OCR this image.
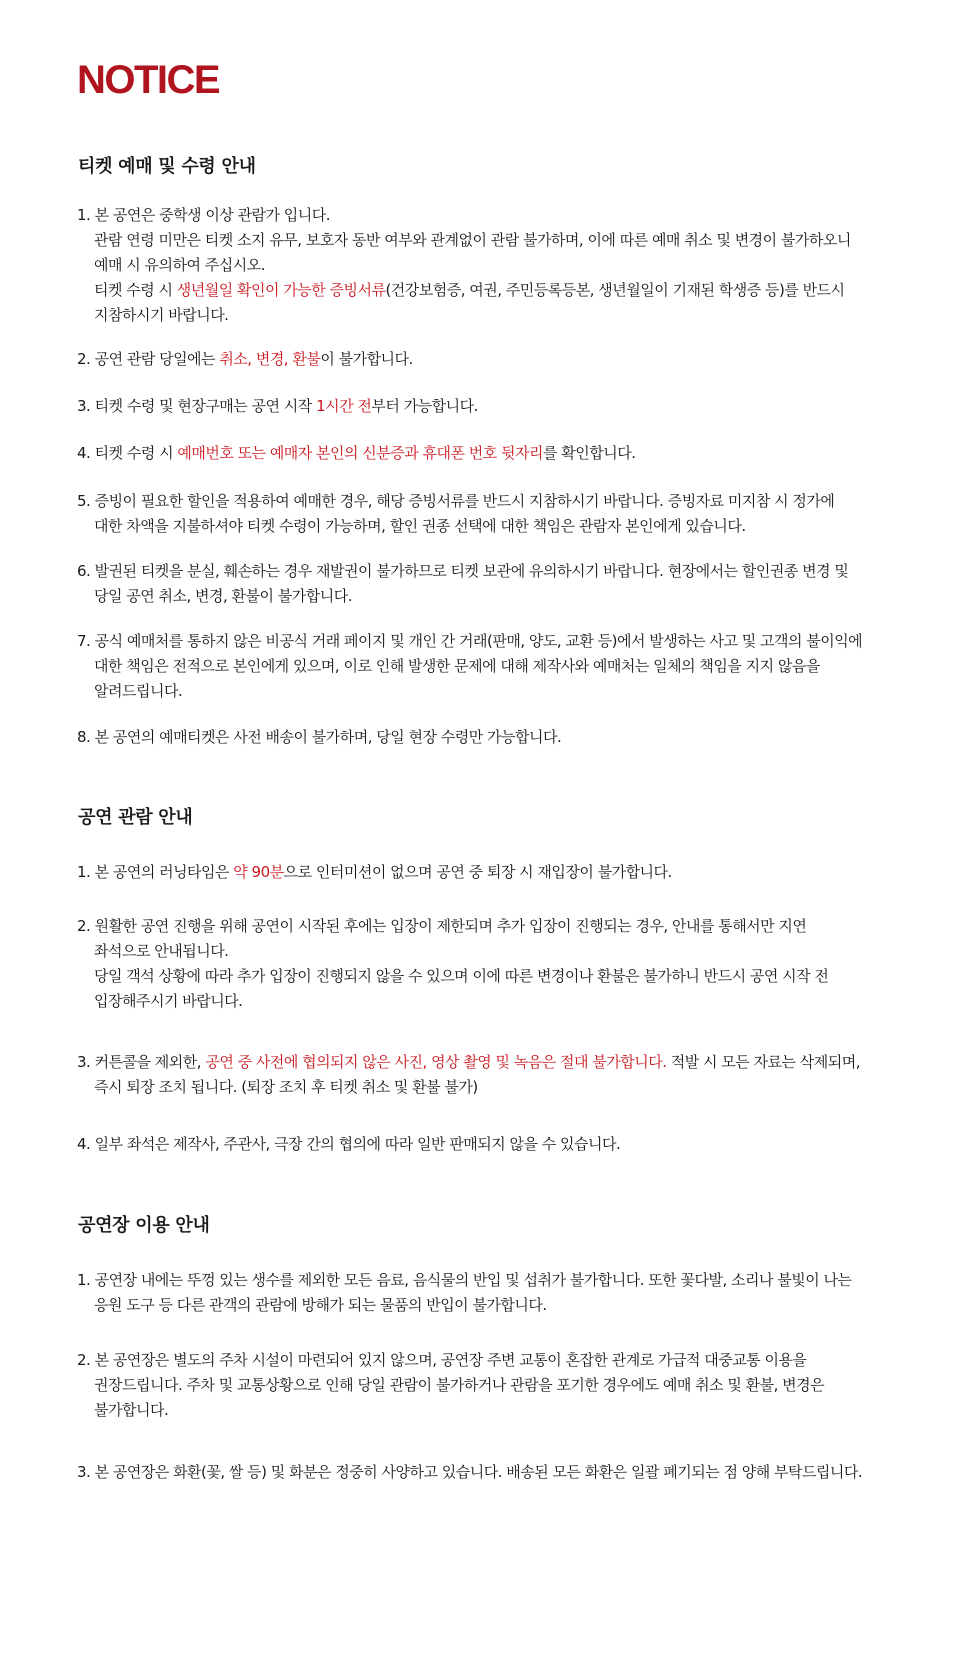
NOTICE
티켓 예매 및 수령 안내

1. 본 공연은 중학생 이상 관람가 입니다.
관람 연령 미만은 티켓 소지 유무, 보호자 동반 여부와 관계없이 관람 불가하며, 이에 따른 예매 취소 및 변경이 불가하오니
예매 시 유의하여 주십시오.
티켓 수령 시 생년월일 확인이 가능한 증빙서류(건강보험증, 여권, 주민등록등본, 생년월일이 기재된 학생증 등)를 반드시
지참하시기 바랍니다.

2. 공연 관람 당일에는 취소, 변경, 환불이 불가합니다.

3. 티켓 수령 및 현장구매는 공연 시작 1시간 전부터 가능합니다.

4. 티켓 수령 시 예매번호 또는 예매자 본인의 신분증과 휴대폰 번호 뒷자리를 확인합니다.

5. 증빙이 필요한 할인을 적용하여 예매한 경우, 해당 증빙서류를 반드시 지참하시기 바랍니다. 증빙자료 미지참 시 정가에
대한 차액을 지불하셔야 티켓 수령이 가능하며, 할인 권종 선택에 대한 책임은 관람자 본인에게 있습니다.

6. 발권된 티켓을 분실, 훼손하는 경우 재발권이 불가하므로 티켓 보관에 유의하시기 바랍니다. 현장에서는 할인권종 변경 및
당일 공연 취소, 변경, 환불이 불가합니다.

7. 공식 예매처를 통하지 않은 비공식 거래 페이지 및 개인 간 거래(판매, 양도, 교환 등)에서 발생하는 사고 및 고객의 불이익에
대한 책임은 전적으로 본인에게 있으며, 이로 인해 발생한 문제에 대해 제작사와 예매처는 일체의 책임을 지지 않음을
알려드립니다.

8. 본 공연의 예매티켓은 사전 배송이 불가하며, 당일 현장 수령만 가능합니다.

공연 관람 안내

1. 본 공연의 러닝타임은 약 90분으로 인터미션이 없으며 공연 중 퇴장 시 재입장이 불가합니다.

2. 원활한 공연 진행을 위해 공연이 시작된 후에는 입장이 제한되며 추가 입장이 진행되는 경우, 안내를 통해서만 지연
좌석으로 안내됩니다.
당일 객석 상황에 따라 추가 입장이 진행되지 않을 수 있으며 이에 따른 변경이나 환불은 불가하니 반드시 공연 시작 전
입장해주시기 바랍니다.

3. 커튼콜을 제외한, 공연 중 사전에 협의되지 않은 사진, 영상 촬영 및 녹음은 절대 불가합니다. 적발 시 모든 자료는 삭제되며,
즉시 퇴장 조치 됩니다. (퇴장 조치 후 티켓 취소 및 환불 불가)

4. 일부 좌석은 제작사, 주관사, 극장 간의 협의에 따라 일반 판매되지 않을 수 있습니다.

공연장 이용 안내

1. 공연장 내에는 뚜껑 있는 생수를 제외한 모든 음료, 음식물의 반입 및 섭취가 불가합니다. 또한 꽃다발, 소리나 불빛이 나는
응원 도구 등 다른 관객의 관람에 방해가 되는 물품의 반입이 불가합니다.

2. 본 공연장은 별도의 주차 시설이 마련되어 있지 않으며, 공연장 주변 교통이 혼잡한 관계로 가급적 대중교통 이용을
권장드립니다. 주차 및 교통상황으로 인해 당일 관람이 불가하거나 관람을 포기한 경우에도 예매 취소 및 환불, 변경은
불가합니다.

3. 본 공연장은 화환(꽃, 쌀 등) 및 화분은 정중히 사양하고 있습니다. 배송된 모든 화환은 일괄 폐기되는 점 양해 부탁드립니다.
